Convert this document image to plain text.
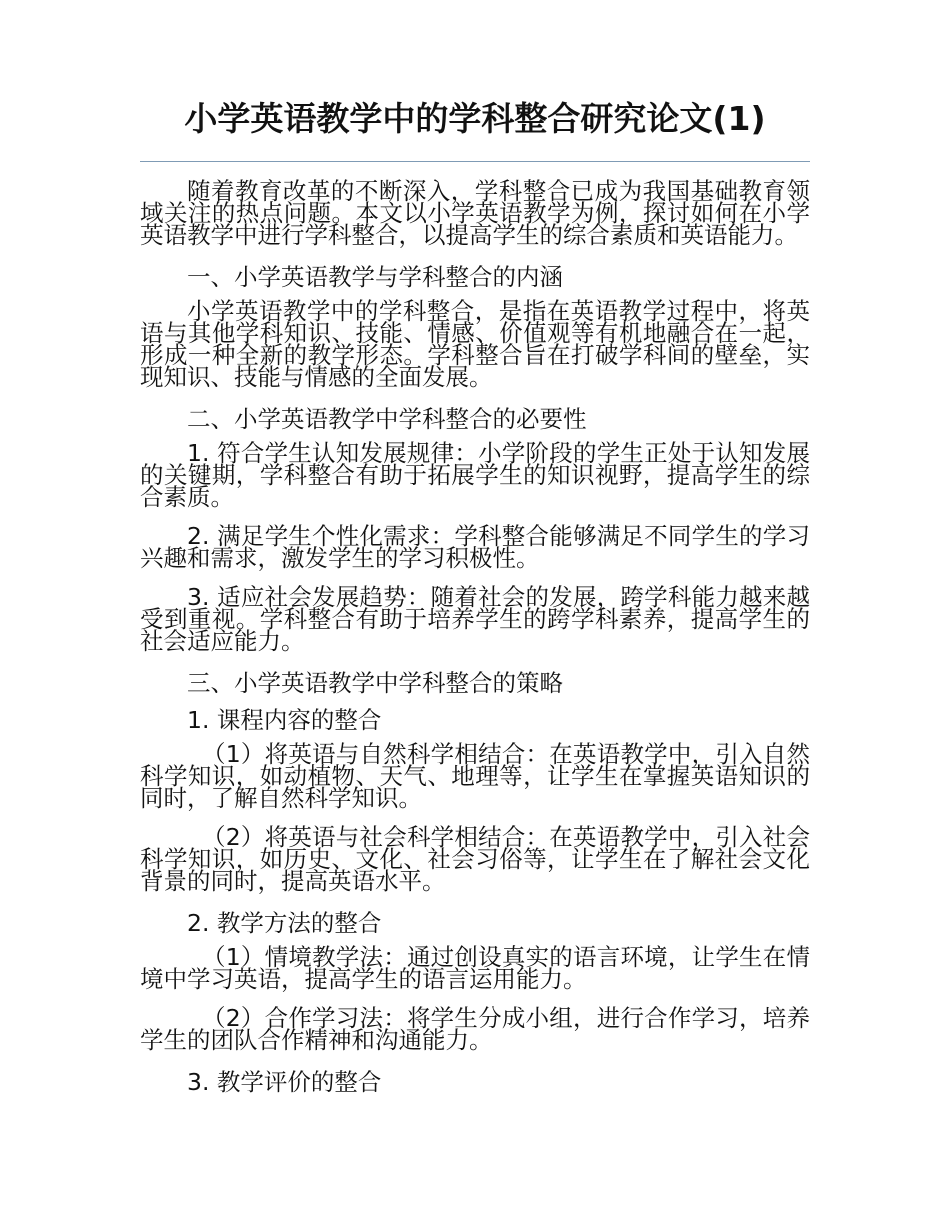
小学英语教学中的学科整合研究论文(1)

随着教育改革的不断深入，学科整合已成为我国基础教育领域关注的热点问题。本文以小学英语教学为例，探讨如何在小学英语教学中进行学科整合，以提高学生的综合素质和英语能力。

一、小学英语教学与学科整合的内涵

小学英语教学中的学科整合，是指在英语教学过程中，将英语与其他学科知识、技能、情感、价值观等有机地融合在一起，形成一种全新的教学形态。学科整合旨在打破学科间的壁垒，实现知识、技能与情感的全面发展。

二、小学英语教学中学科整合的必要性

1. 符合学生认知发展规律：小学阶段的学生正处于认知发展的关键期，学科整合有助于拓展学生的知识视野，提高学生的综合素质。

2. 满足学生个性化需求：学科整合能够满足不同学生的学习兴趣和需求，激发学生的学习积极性。

3. 适应社会发展趋势：随着社会的发展，跨学科能力越来越受到重视。学科整合有助于培养学生的跨学科素养，提高学生的社会适应能力。

三、小学英语教学中学科整合的策略

1. 课程内容的整合

（1）将英语与自然科学相结合：在英语教学中，引入自然科学知识，如动植物、天气、地理等，让学生在掌握英语知识的同时，了解自然科学知识。

（2）将英语与社会科学相结合：在英语教学中，引入社会科学知识，如历史、文化、社会习俗等，让学生在了解社会文化背景的同时，提高英语水平。

2. 教学方法的整合

（1）情境教学法：通过创设真实的语言环境，让学生在情境中学习英语，提高学生的语言运用能力。

（2）合作学习法：将学生分成小组，进行合作学习，培养学生的团队合作精神和沟通能力。

3. 教学评价的整合
